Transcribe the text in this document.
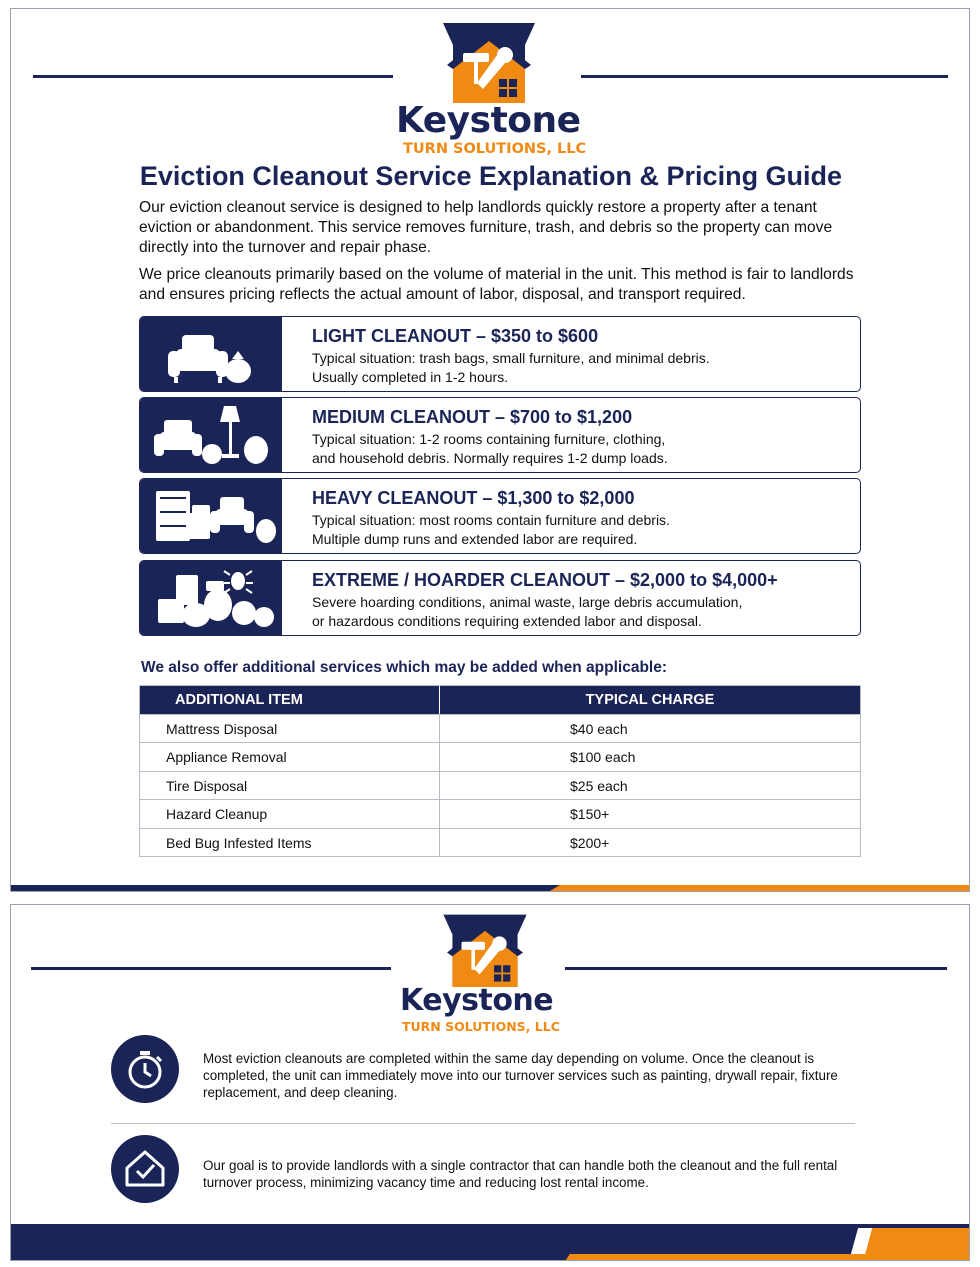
Keystone
TURN SOLUTIONS, LLC
Eviction Cleanout Service Explanation & Pricing Guide
Our eviction cleanout service is designed to help landlords quickly restore a property after a tenant eviction or abandonment. This service removes furniture, trash, and debris so the property can move directly into the turnover and repair phase.
We price cleanouts primarily based on the volume of material in the unit. This method is fair to landlords and ensures pricing reflects the actual amount of labor, disposal, and transport required.
LIGHT CLEANOUT – $350 to $600
Typical situation: trash bags, small furniture, and minimal debris.
Usually completed in 1-2 hours.
MEDIUM CLEANOUT – $700 to $1,200
Typical situation: 1-2 rooms containing furniture, clothing,
and household debris. Normally requires 1-2 dump loads.
HEAVY CLEANOUT – $1,300 to $2,000
Typical situation: most rooms contain furniture and debris.
Multiple dump runs and extended labor are required.
EXTREME / HOARDER CLEANOUT – $2,000 to $4,000+
Severe hoarding conditions, animal waste, large debris accumulation,
or hazardous conditions requiring extended labor and disposal.
We also offer additional services which may be added when applicable:
ADDITIONAL ITEM	TYPICAL CHARGE
Mattress Disposal	$40 each
Appliance Removal	$100 each
Tire Disposal	$25 each
Hazard Cleanup	$150+
Bed Bug Infested Items	$200+
Keystone
TURN SOLUTIONS, LLC
Most eviction cleanouts are completed within the same day depending on volume. Once the cleanout is completed, the unit can immediately move into our turnover services such as painting, drywall repair, fixture replacement, and deep cleaning.
Our goal is to provide landlords with a single contractor that can handle both the cleanout and the full rental turnover process, minimizing vacancy time and reducing lost rental income.
